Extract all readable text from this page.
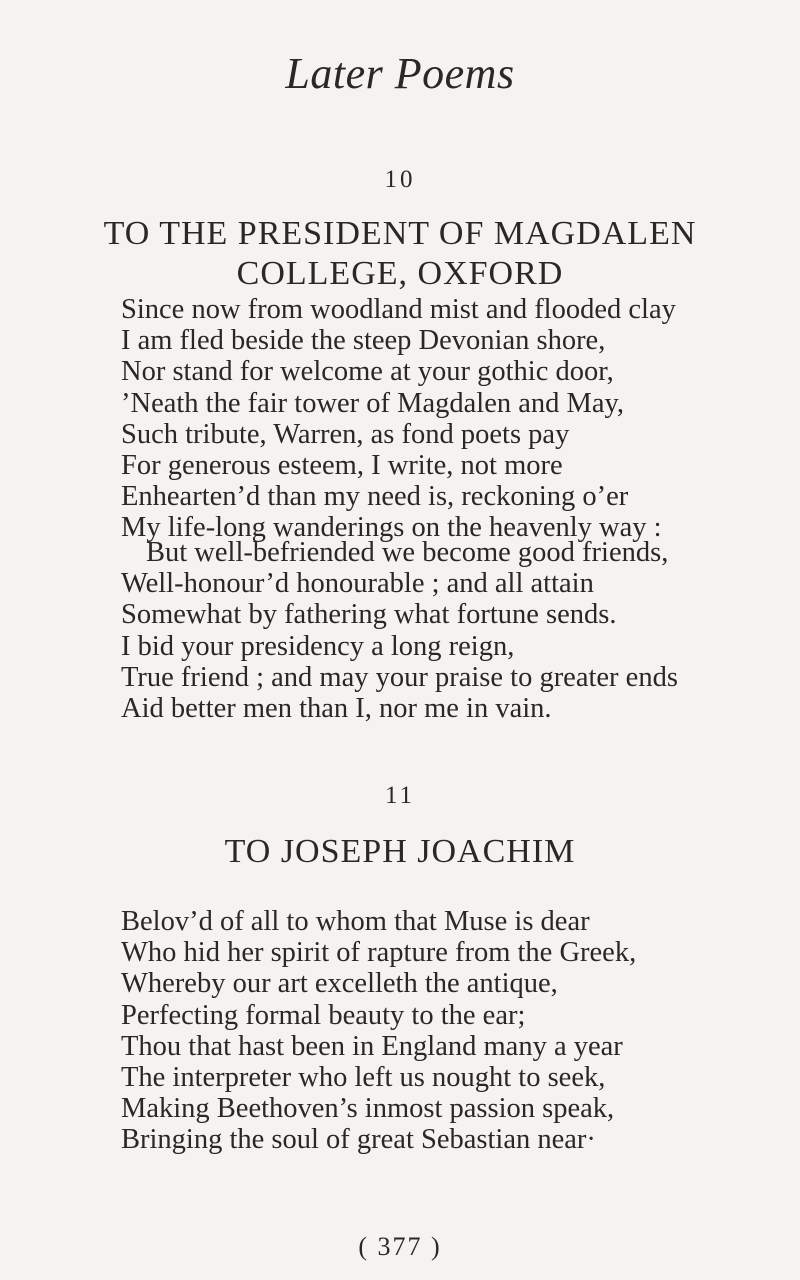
Later Poems
10
TO THE PRESIDENT OF MAGDALEN
COLLEGE, OXFORD
Since now from woodland mist and flooded clay
I am fled beside the steep Devonian shore,
Nor stand for welcome at your gothic door,
’Neath the fair tower of Magdalen and May,
Such tribute, Warren, as fond poets pay
For generous esteem, I write, not more
Enhearten’d than my need is, reckoning o’er
My life-long wanderings on the heavenly way :
But well-befriended we become good friends,
Well-honour’d honourable ; and all attain
Somewhat by fathering what fortune sends.
I bid your presidency a long reign,
True friend ; and may your praise to greater ends
Aid better men than I, nor me in vain.
11
TO JOSEPH JOACHIM
Belov’d of all to whom that Muse is dear
Who hid her spirit of rapture from the Greek,
Whereby our art excelleth the antique,
Perfecting formal beauty to the ear;
Thou that hast been in England many a year
The interpreter who left us nought to seek,
Making Beethoven’s inmost passion speak,
Bringing the soul of great Sebastian near·
( 377 )
